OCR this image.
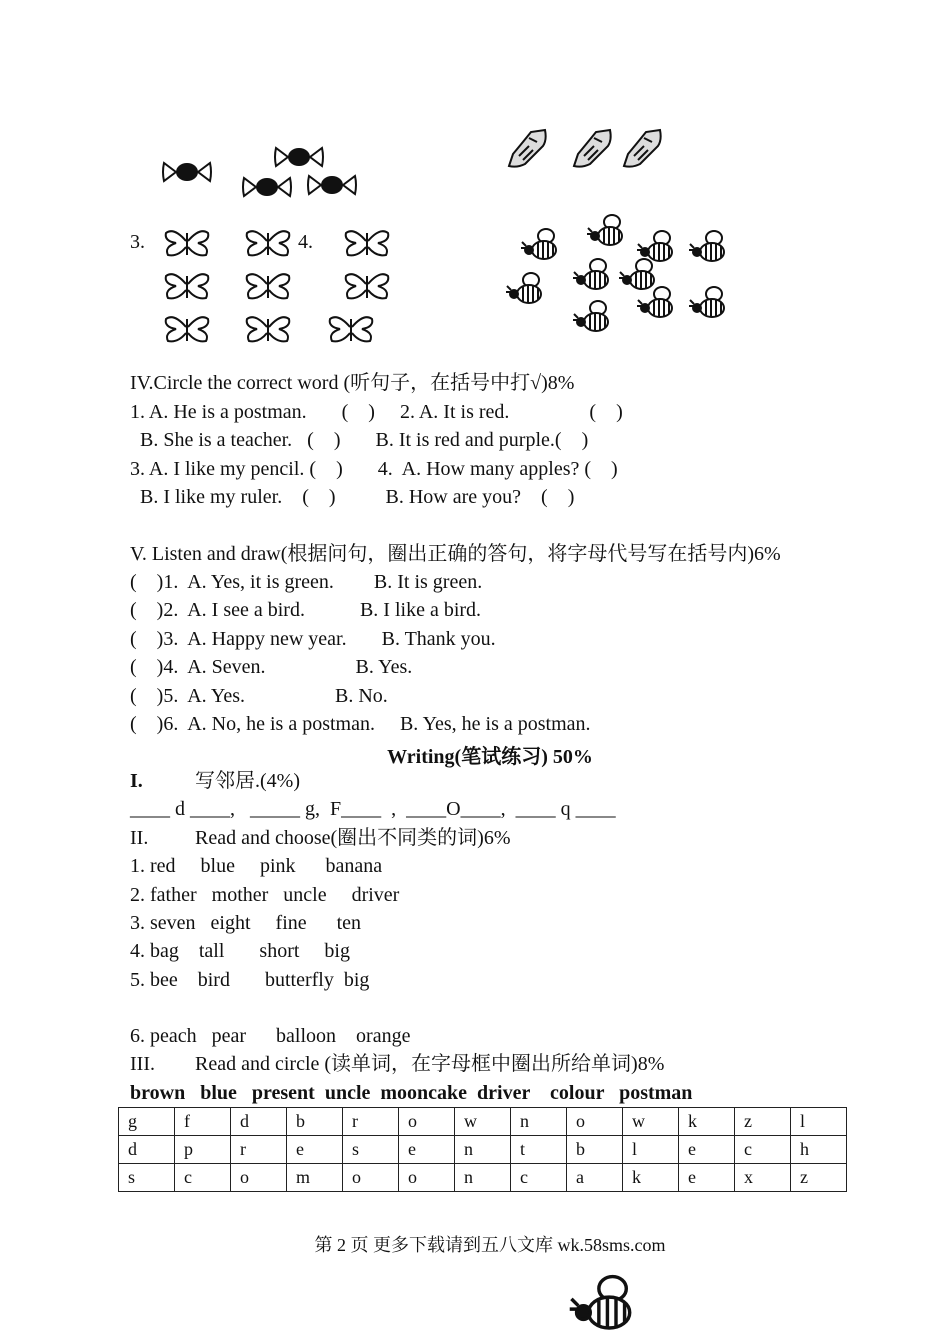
3.	4.
IV.Circle the correct word (听句子，在括号中打√)8%
1. A. He is a postman.       (    )     2. A. It is red.                (    )
B. She is a teacher.   (    )       B. It is red and purple.(    )
3. A. I like my pencil. (    )       4.  A. How many apples? (    )
B. I like my ruler.    (    )          B. How are you?    (    )
V. Listen and draw(根据问句，圈出正确的答句，将字母代号写在括号内)6%
(    )1.  A. Yes, it is green.        B. It is green.
(    )2.  A. I see a bird.           B. I like a bird.
(    )3.  A. Happy new year.       B. Thank you.
(    )4.  A. Seven.                  B. Yes.
(    )5.  A. Yes.                  B. No.
(    )6.  A. No, he is a postman.     B. Yes, he is a postman.
Writing(笔试练习) 50%
I.	写邻居.(4%)
____ d ____,   _____ g,  F____  ,  ____O____,  ____ q ____
II. Read and choose(圈出不同类的词)6%
1. red     blue     pink      banana
2. father   mother   uncle     driver
3. seven   eight     fine      ten
4. bag    tall       short     big
5. bee    bird       butterfly  big
6. peach   pear      balloon    orange
III. Read and circle (读单词，在字母框中圈出所给单词)8%
brown   blue   present  uncle  mooncake  driver    colour   postman
g	f	d	b	r	o	w	n	o	w	k	z	l
d	p	r	e	s	e	n	t	b	l	e	c	h
s	c	o	m	o	o	n	c	a	k	e	x	z
第 2 页 更多下载请到五八文库 wk.58sms.com
